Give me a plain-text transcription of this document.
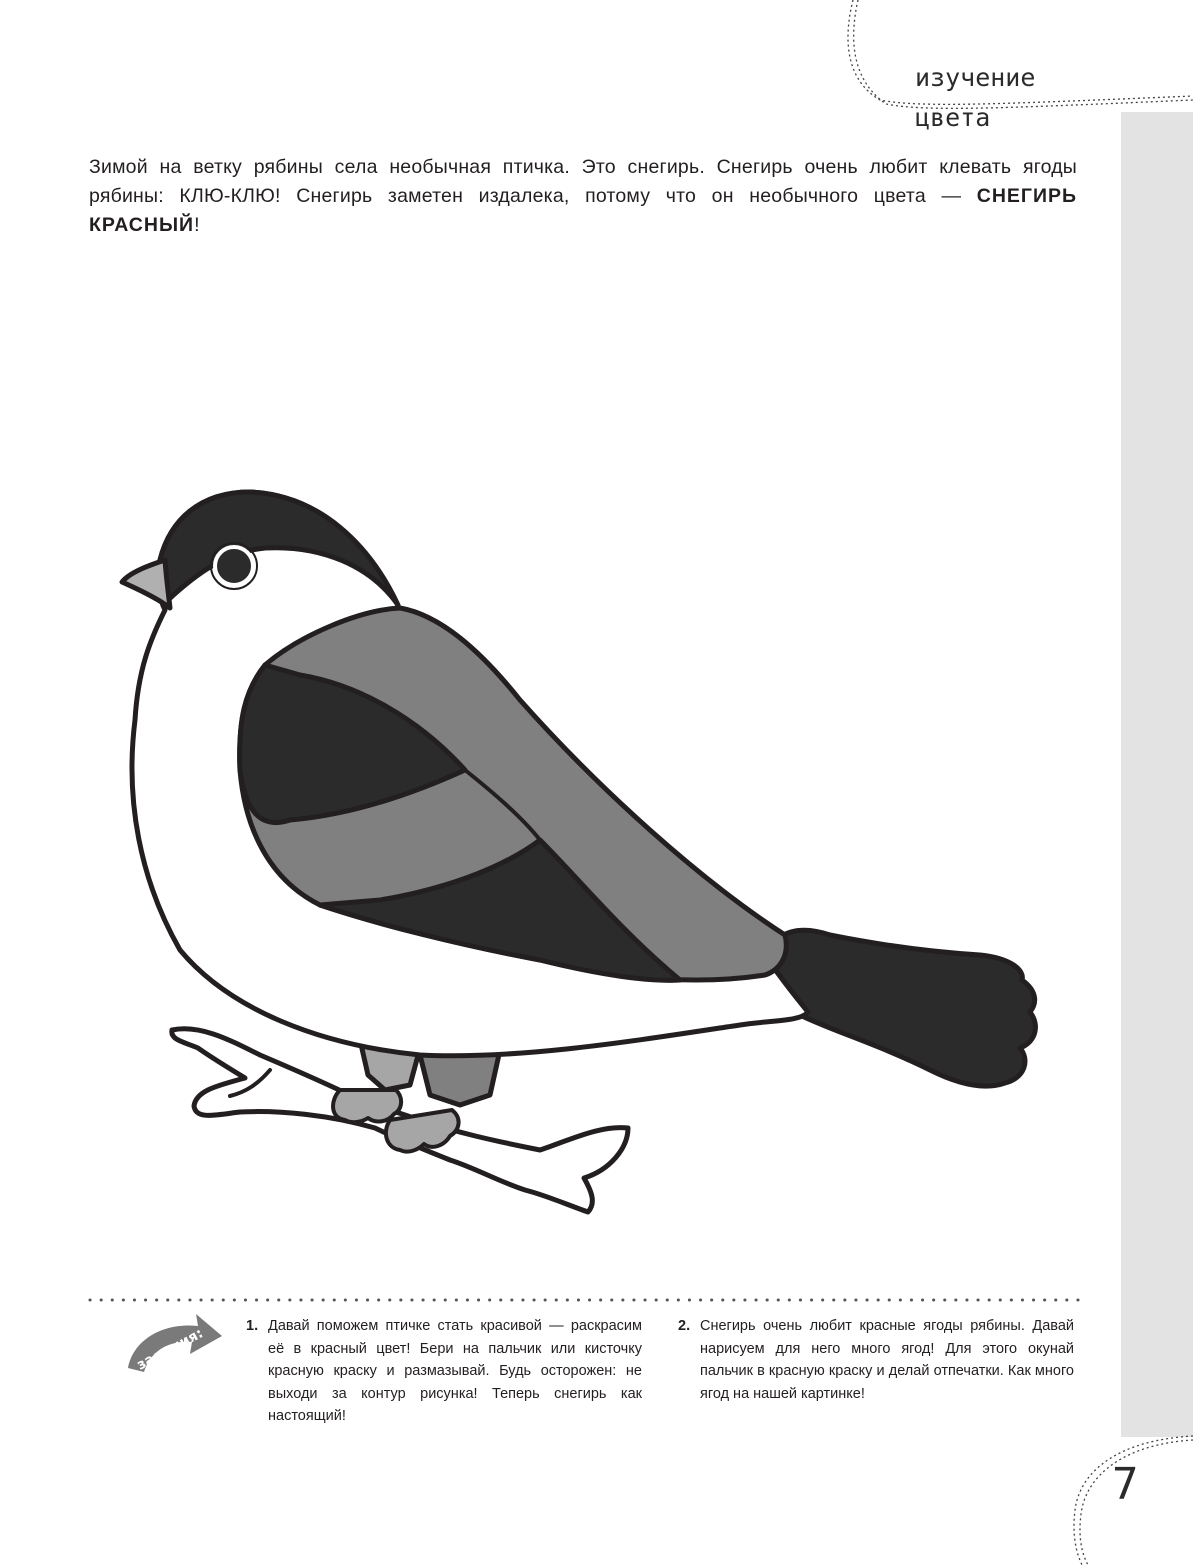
изучение цвета
Зимой на ветку рябины села необычная птичка. Это снегирь. Снегирь очень любит клевать ягоды рябины: КЛЮ-КЛЮ! Снегирь заметен издалека, потому что он необычного цвета — СНЕГИРЬ КРАСНЫЙ!
задания:	1. Давай поможем птичке стать красивой — раскрасим её в красный цвет! Бери на пальчик или кисточку красную краску и размазывай. Будь осторожен: не выходи за контур рисунка! Теперь снегирь как настоящий!
2. Снегирь очень любит красные ягоды рябины. Давай нарисуем для него много ягод! Для этого окунай пальчик в красную краску и делай отпечатки. Как много ягод на нашей картинке!
7
